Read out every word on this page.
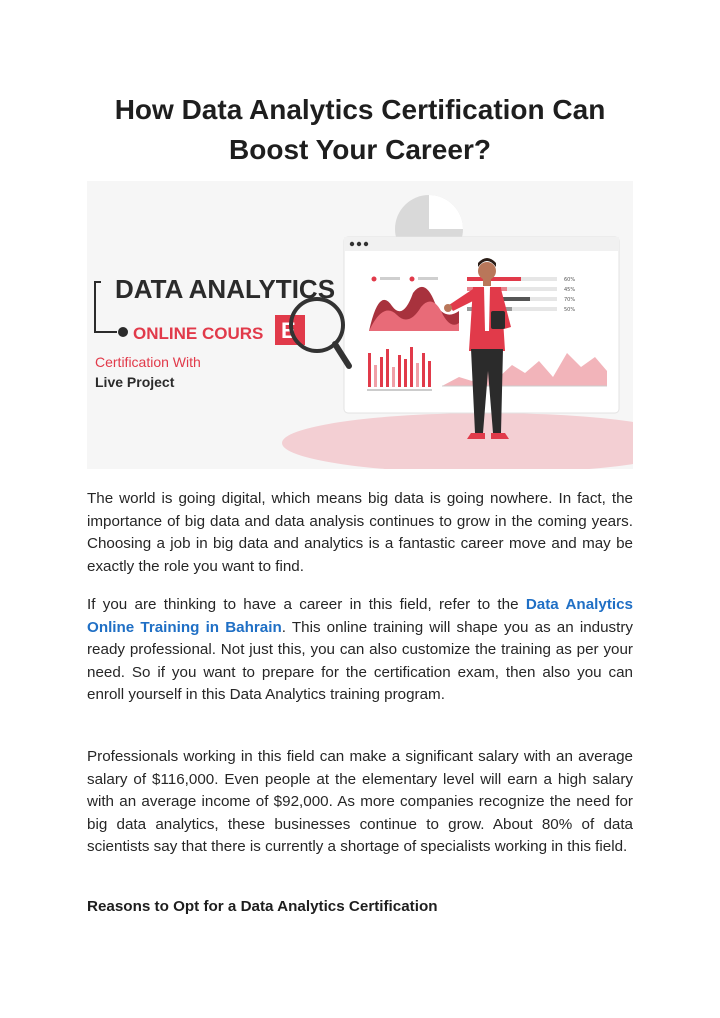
How Data Analytics Certification Can
Boost Your Career?
60%
45%
70%
50%
DATA ANALYTICS
ONLINE COURS E
Certification With
Live Project

The world is going digital, which means big data is going nowhere. In fact, the importance of big data and data analysis continues to grow in the coming years. Choosing a job in big data and analytics is a fantastic career move and may be exactly the role you want to find.

If you are thinking to have a career in this field, refer to the Data Analytics Online Training in Bahrain. This online training will shape you as an industry ready professional. Not just this, you can also customize the training as per your need. So if you want to prepare for the certification exam, then also you can enroll yourself in this Data Analytics training program.

Professionals working in this field can make a significant salary with an average salary of $116,000. Even people at the elementary level will earn a high salary with an average income of $92,000. As more companies recognize the need for big data analytics, these businesses continue to grow. About 80% of data scientists say that there is currently a shortage of specialists working in this field.

Reasons to Opt for a Data Analytics Certification
